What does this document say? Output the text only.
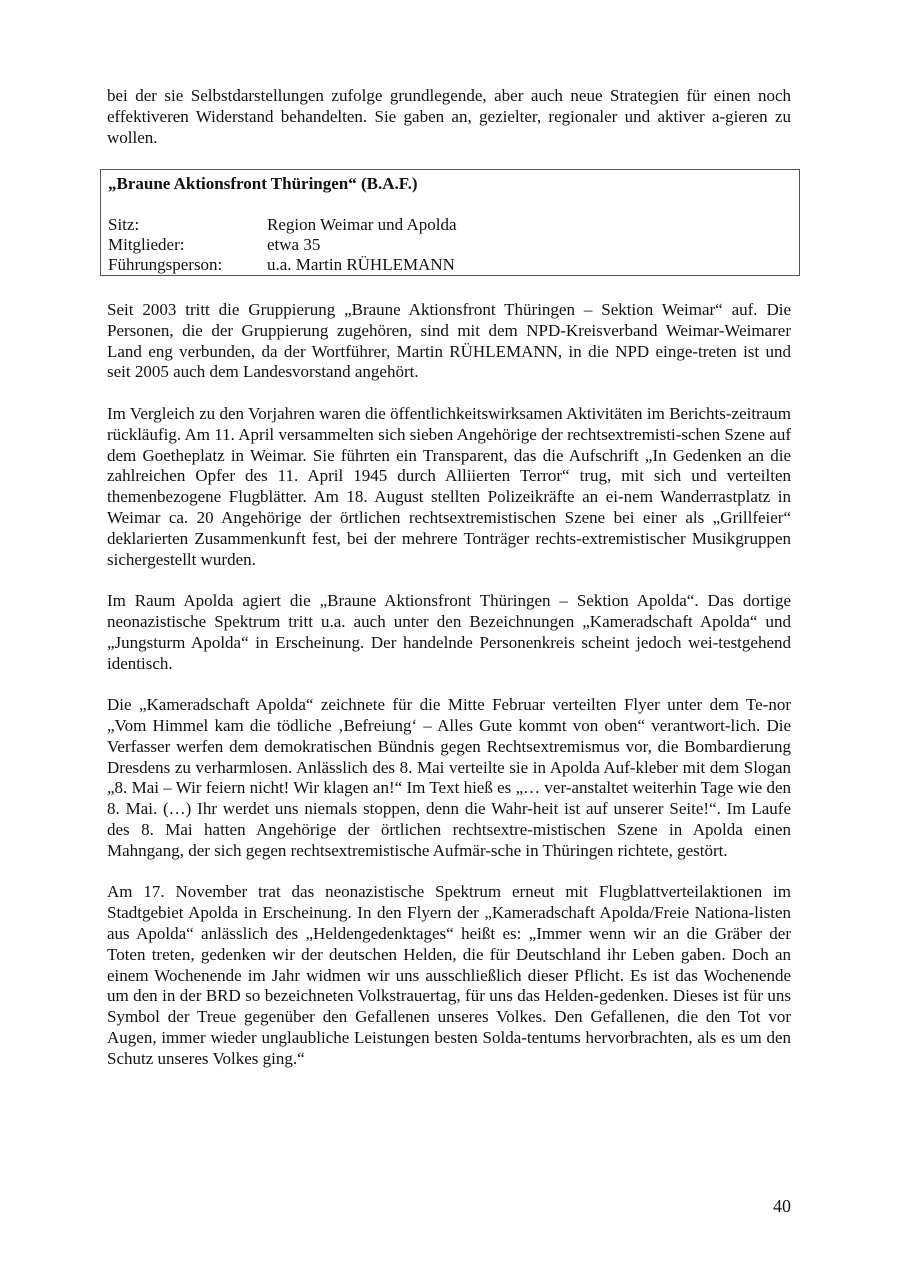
bei der sie Selbstdarstellungen zufolge grundlegende, aber auch neue Strategien für einen noch effektiveren Widerstand behandelten. Sie gaben an, gezielter, regionaler und aktiver a-gieren zu wollen.

„Braune Aktionsfront Thüringen“ (B.A.F.)
Sitz:	Region Weimar und Apolda
Mitglieder:	etwa 35
Führungsperson:	u.a. Martin RÜHLEMANN

Seit 2003 tritt die Gruppierung „Braune Aktionsfront Thüringen – Sektion Weimar“ auf. Die Personen, die der Gruppierung zugehören, sind mit dem NPD-Kreisverband Weimar-Weimarer Land eng verbunden, da der Wortführer, Martin RÜHLEMANN, in die NPD einge-treten ist und seit 2005 auch dem Landesvorstand angehört.

Im Vergleich zu den Vorjahren waren die öffentlichkeitswirksamen Aktivitäten im Berichts-zeitraum rückläufig. Am 11. April versammelten sich sieben Angehörige der rechtsextremisti-schen Szene auf dem Goetheplatz in Weimar. Sie führten ein Transparent, das die Aufschrift „In Gedenken an die zahlreichen Opfer des 11. April 1945 durch Alliierten Terror“ trug, mit sich und verteilten themenbezogene Flugblätter. Am 18. August stellten Polizeikräfte an ei-nem Wanderrastplatz in Weimar ca. 20 Angehörige der örtlichen rechtsextremistischen Szene bei einer als „Grillfeier“ deklarierten Zusammenkunft fest, bei der mehrere Tonträger rechts-extremistischer Musikgruppen sichergestellt wurden.

Im Raum Apolda agiert die „Braune Aktionsfront Thüringen – Sektion Apolda“. Das dortige neonazistische Spektrum tritt u.a. auch unter den Bezeichnungen „Kameradschaft Apolda“ und „Jungsturm Apolda“ in Erscheinung. Der handelnde Personenkreis scheint jedoch wei-testgehend identisch.

Die „Kameradschaft Apolda“ zeichnete für die Mitte Februar verteilten Flyer unter dem Te-nor „Vom Himmel kam die tödliche ‚Befreiung‘ – Alles Gute kommt von oben“ verantwort-lich. Die Verfasser werfen dem demokratischen Bündnis gegen Rechtsextremismus vor, die Bombardierung Dresdens zu verharmlosen. Anlässlich des 8. Mai verteilte sie in Apolda Auf-kleber mit dem Slogan „8. Mai – Wir feiern nicht! Wir klagen an!“ Im Text hieß es „… ver-anstaltet weiterhin Tage wie den 8. Mai. (…) Ihr werdet uns niemals stoppen, denn die Wahr-heit ist auf unserer Seite!“. Im Laufe des 8. Mai hatten Angehörige der örtlichen rechtsextre-mistischen Szene in Apolda einen Mahngang, der sich gegen rechtsextremistische Aufmär-sche in Thüringen richtete, gestört.

Am 17. November trat das neonazistische Spektrum erneut mit Flugblattverteilaktionen im Stadtgebiet Apolda in Erscheinung. In den Flyern der „Kameradschaft Apolda/Freie Nationa-listen aus Apolda“ anlässlich des „Heldengedenktages“ heißt es: „Immer wenn wir an die Gräber der Toten treten, gedenken wir der deutschen Helden, die für Deutschland ihr Leben gaben. Doch an einem Wochenende im Jahr widmen wir uns ausschließlich dieser Pflicht. Es ist das Wochenende um den in der BRD so bezeichneten Volkstrauertag, für uns das Helden-gedenken. Dieses ist für uns Symbol der Treue gegenüber den Gefallenen unseres Volkes. Den Gefallenen, die den Tot vor Augen, immer wieder unglaubliche Leistungen besten Solda-tentums hervorbrachten, als es um den Schutz unseres Volkes ging.“

40
